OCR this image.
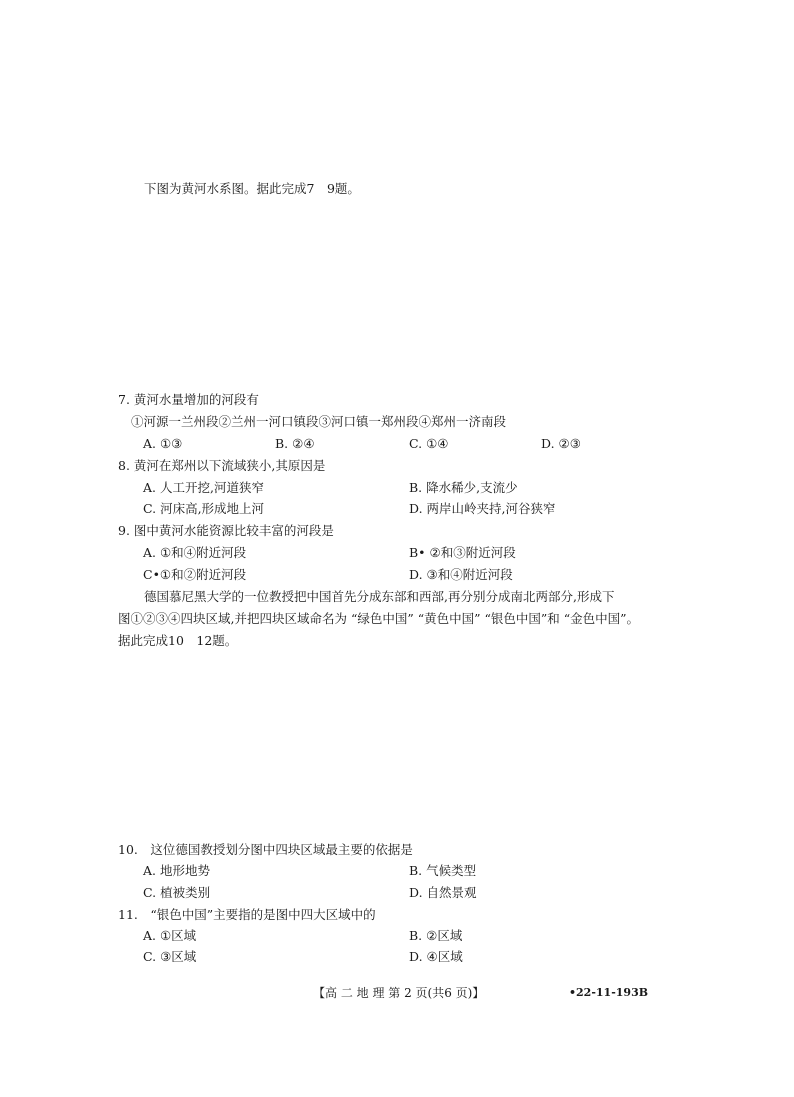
下图为黄河水系图。据此完成7　9题。
7. 黄河水量增加的河段有
①河源一兰州段②兰州一河口镇段③河口镇一郑州段④郑州一济南段
A. ①③	B. ②④	C. ①④	D. ②③
8. 黄河在郑州以下流域狭小,其原因是
A. 人工开挖,河道狭窄	B. 降水稀少,支流少
C. 河床高,形成地上河	D. 两岸山岭夹持,河谷狭窄
9. 图中黄河水能资源比较丰富的河段是
A. ①和④附近河段	B• ②和③附近河段
C•①和②附近河段	D. ③和④附近河段
德国慕尼黑大学的一位教授把中国首先分成东部和西部,再分别分成南北两部分,形成下
图①②③④四块区域,并把四块区域命名为 “绿色中国” “黄色中国” “银色中国”和 “金色中国”。
据此完成10　12题。
10.　这位德国教授划分图中四块区域最主要的依据是
A. 地形地势	B. 气候类型
C. 植被类别	D. 自然景观
11.　“银色中国”主要指的是图中四大区域中的
A. ①区域	B. ②区域
C. ③区域	D. ④区域
【高 二 地 理 第 2 页(共6 页)】	•22-11-193B
